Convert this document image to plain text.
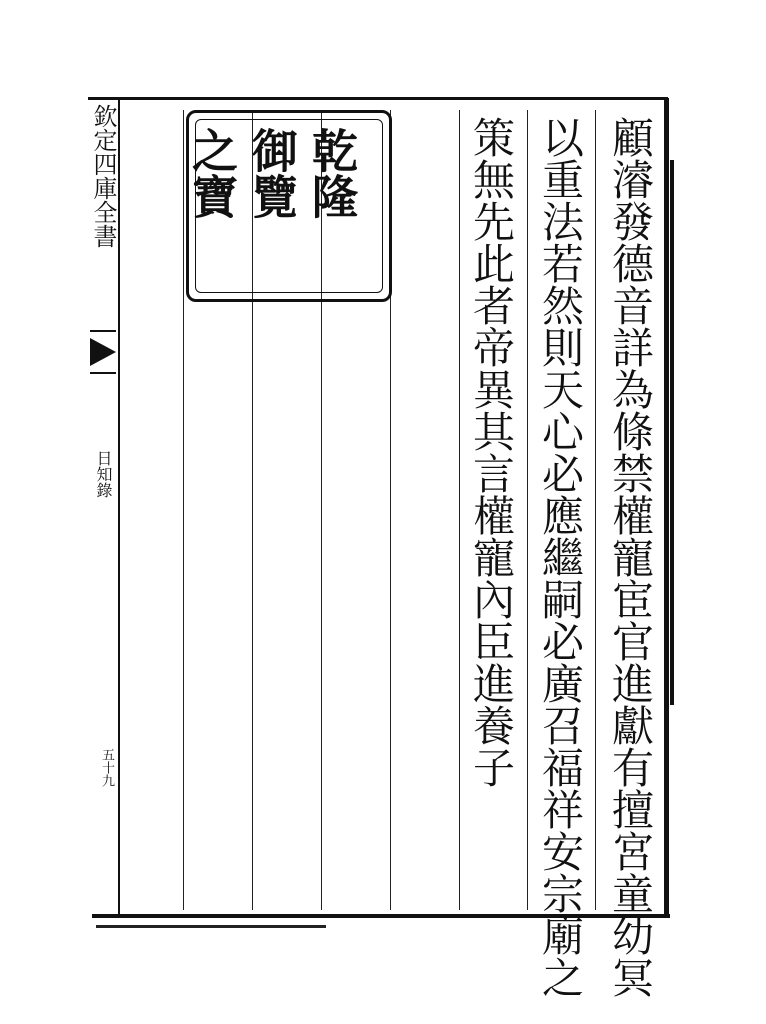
欽定四庫全書
日知錄
五十九
乾隆
御覽
之寶	顧濬發德音詳為條禁權寵宦官進獻有擅宮童幼冥
以重法若然則天心必應繼嗣必廣召福祥安宗廟之
策無先此者帝異其言權寵內臣進養子
